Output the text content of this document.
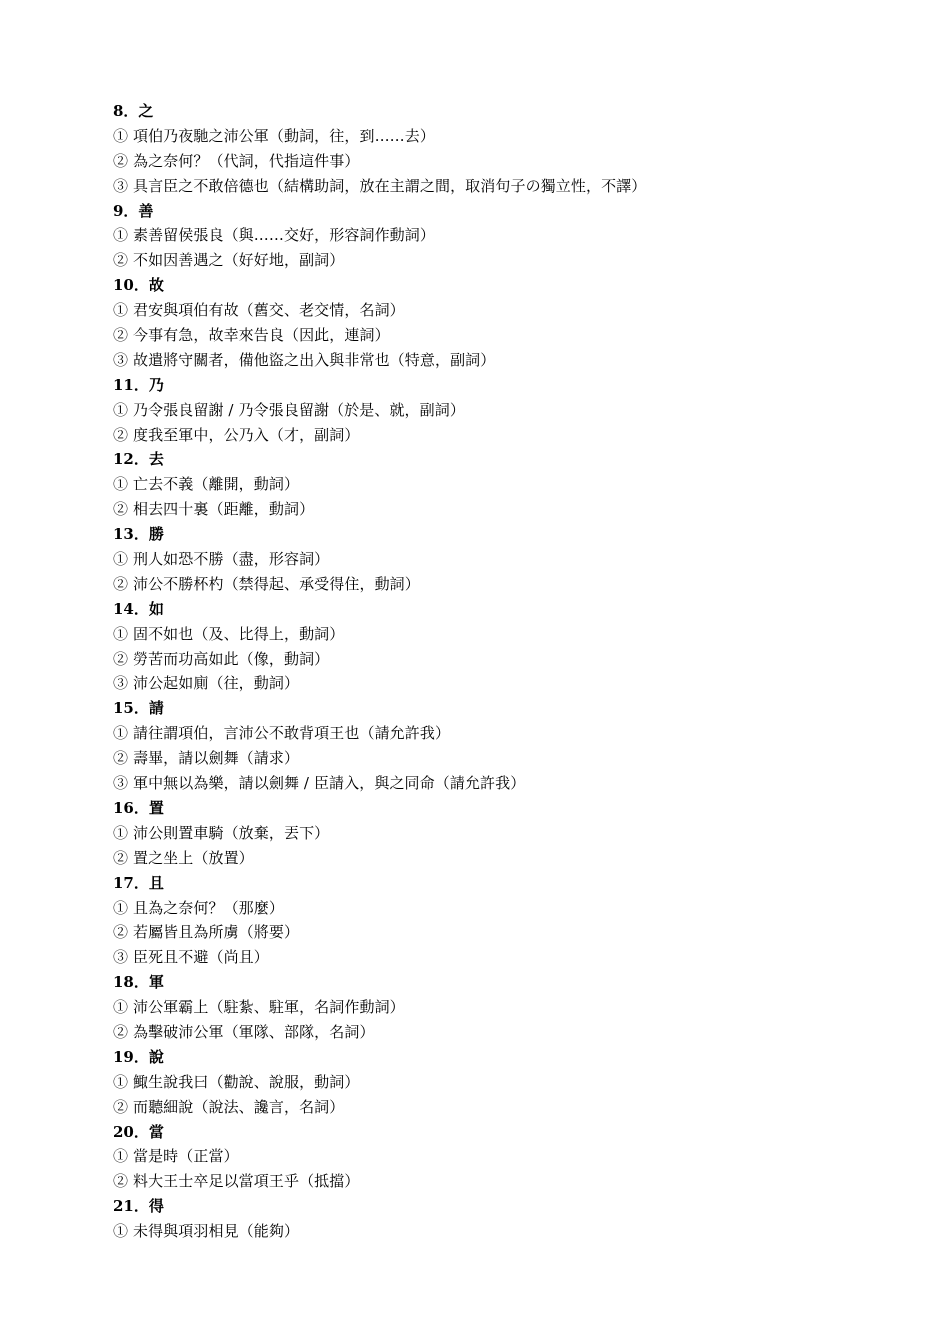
8．之
① 項伯乃夜馳之沛公軍（動詞，往，到……去）
② 為之奈何？（代詞，代指這件事）
③ 具言臣之不敢倍德也（結構助詞，放在主謂之間，取消句子の獨立性，不譯）
9．善
① 素善留侯張良（與……交好，形容詞作動詞）
② 不如因善遇之（好好地，副詞）
10．故
① 君安與項伯有故（舊交、老交情，名詞）
② 今事有急，故幸來告良（因此，連詞）
③ 故遣將守關者，備他盜之出入與非常也（特意，副詞）
11．乃
① 乃令張良留謝 / 乃令張良留謝（於是、就，副詞）
② 度我至軍中，公乃入（才，副詞）
12．去
① 亡去不義（離開，動詞）
② 相去四十裏（距離，動詞）
13．勝
① 刑人如恐不勝（盡，形容詞）
② 沛公不勝杯杓（禁得起、承受得住，動詞）
14．如
① 固不如也（及、比得上，動詞）
② 勞苦而功高如此（像，動詞）
③ 沛公起如廁（往，動詞）
15．請
① 請往謂項伯，言沛公不敢背項王也（請允許我）
② 壽畢，請以劍舞（請求）
③ 軍中無以為樂，請以劍舞 / 臣請入，與之同命（請允許我）
16．置
① 沛公則置車騎（放棄，丟下）
② 置之坐上（放置）
17．且
① 且為之奈何？（那麼）
② 若屬皆且為所虜（將要）
③ 臣死且不避（尚且）
18．軍
① 沛公軍霸上（駐紮、駐軍，名詞作動詞）
② 為擊破沛公軍（軍隊、部隊，名詞）
19．說
① 鯫生說我曰（勸說、說服，動詞）
② 而聽細說（說法、讒言，名詞）
20．當
① 當是時（正當）
② 料大王士卒足以當項王乎（抵擋）
21．得
① 未得與項羽相見（能夠）
